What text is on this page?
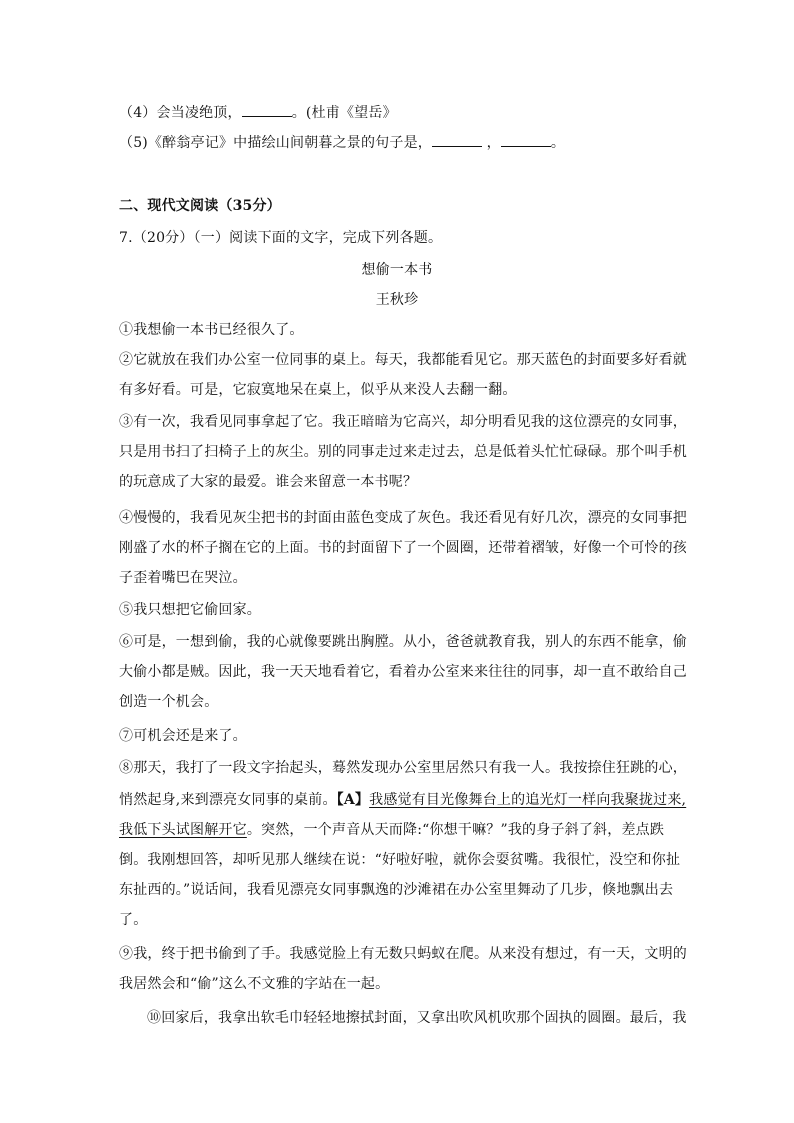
（4）会当凌绝顶，	。(杜甫《望岳》
（5)《醉翁亭记》中描绘山间朝暮之景的句子是，	，	。
二、现代文阅读（35分）
7.（20分）（一）阅读下面的文字，完成下列各题。
想偷一本书
王秋珍
①我想偷一本书已经很久了。
②它就放在我们办公室一位同事的桌上。每天，我都能看见它。那天蓝色的封面要多好看就
有多好看。可是，它寂寞地呆在桌上，似乎从来没人去翻一翻。
③有一次，我看见同事拿起了它。我正暗暗为它高兴，却分明看见我的这位漂亮的女同事，
只是用书扫了扫椅子上的灰尘。别的同事走过来走过去，总是低着头忙忙碌碌。那个叫手机
的玩意成了大家的最爱。谁会来留意一本书呢？
④慢慢的，我看见灰尘把书的封面由蓝色变成了灰色。我还看见有好几次，漂亮的女同事把
刚盛了水的杯子搁在它的上面。书的封面留下了一个圆圈，还带着褶皱，好像一个可怜的孩
子歪着嘴巴在哭泣。
⑤我只想把它偷回家。
⑥可是，一想到偷，我的心就像要跳出胸膛。从小，爸爸就教育我，别人的东西不能拿，偷
大偷小都是贼。因此，我一天天地看着它，看着办公室来来往往的同事，却一直不敢给自己
创造一个机会。
⑦可机会还是来了。
⑧那天，我打了一段文字抬起头，蓦然发现办公室里居然只有我一人。我按捺住狂跳的心，
悄然起身,来到漂亮女同事的桌前。【A】我感觉有目光像舞台上的追光灯一样向我聚拢过来,
我低下头试图解开它。突然，一个声音从天而降:“你想干嘛？”我的身子斜了斜，差点跌
倒。我刚想回答，却听见那人继续在说：“好啦好啦，就你会耍贫嘴。我很忙，没空和你扯
东扯西的。”说话间，我看见漂亮女同事飘逸的沙滩裙在办公室里舞动了几步，倏地飘出去
了。
⑨我，终于把书偷到了手。我感觉脸上有无数只蚂蚁在爬。从来没有想过，有一天，文明的
我居然会和“偷”这么不文雅的字站在一起。
⑩回家后，我拿出软毛巾轻轻地擦拭封面，又拿出吹风机吹那个固执的圆圈。最后，我
